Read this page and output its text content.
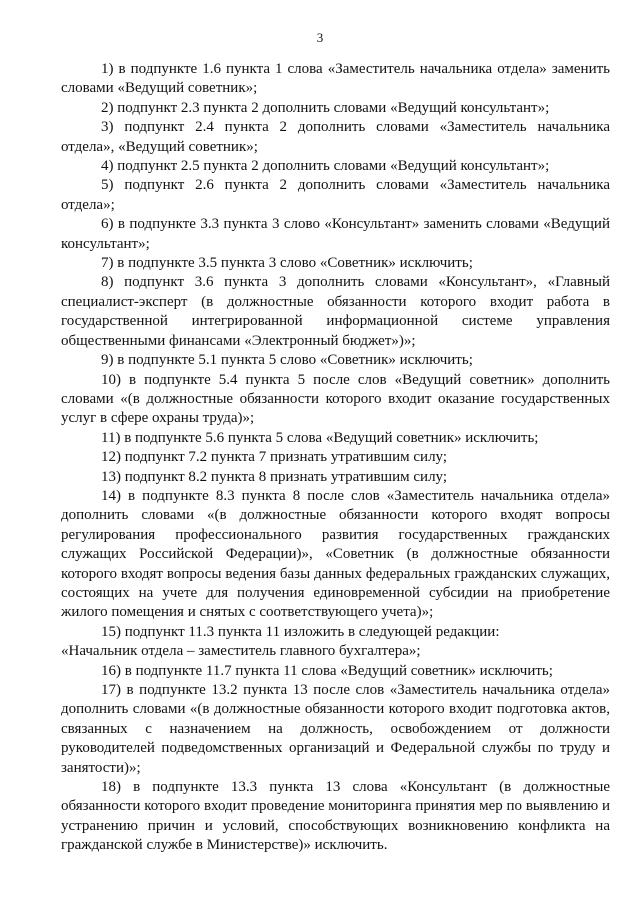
3

1) в подпункте 1.6 пункта 1 слова «Заместитель начальника отдела» заменить словами «Ведущий советник»;

2) подпункт 2.3 пункта 2 дополнить словами «Ведущий консультант»;

3) подпункт 2.4 пункта 2 дополнить словами «Заместитель начальника отдела», «Ведущий советник»;

4) подпункт 2.5 пункта 2 дополнить словами «Ведущий консультант»;

5) подпункт 2.6 пункта 2 дополнить словами «Заместитель начальника отдела»;

6) в подпункте 3.3 пункта 3 слово «Консультант» заменить словами «Ведущий консультант»;

7) в подпункте 3.5 пункта 3 слово «Советник» исключить;

8) подпункт 3.6 пункта 3 дополнить словами «Консультант», «Главный специалист-эксперт (в должностные обязанности которого входит работа в государственной интегрированной информационной системе управления общественными финансами «Электронный бюджет»)»;

9) в подпункте 5.1 пункта 5 слово «Советник» исключить;

10) в подпункте 5.4 пункта 5 после слов «Ведущий советник» дополнить словами «(в должностные обязанности которого входит оказание государственных услуг в сфере охраны труда)»;

11) в подпункте 5.6 пункта 5 слова «Ведущий советник» исключить;

12) подпункт 7.2 пункта 7 признать утратившим силу;

13) подпункт 8.2 пункта 8 признать утратившим силу;

14) в подпункте 8.3 пункта 8 после слов «Заместитель начальника отдела» дополнить словами «(в должностные обязанности которого входят вопросы регулирования профессионального развития государственных гражданских служащих Российской Федерации)», «Советник (в должностные обязанности которого входят вопросы ведения базы данных федеральных гражданских служащих, состоящих на учете для получения единовременной субсидии на приобретение жилого помещения и снятых с соответствующего учета)»;

15) подпункт 11.3 пункта 11 изложить в следующей редакции:

«Начальник отдела – заместитель главного бухгалтера»;

16) в подпункте 11.7 пункта 11 слова «Ведущий советник» исключить;

17) в подпункте 13.2 пункта 13 после слов «Заместитель начальника отдела» дополнить словами «(в должностные обязанности которого входит подготовка актов, связанных с назначением на должность, освобождением от должности руководителей подведомственных организаций и Федеральной службы по труду и занятости)»;

18) в подпункте 13.3 пункта 13 слова «Консультант (в должностные обязанности которого входит проведение мониторинга принятия мер по выявлению и устранению причин и условий, способствующих возникновению конфликта на гражданской службе в Министерстве)» исключить.
